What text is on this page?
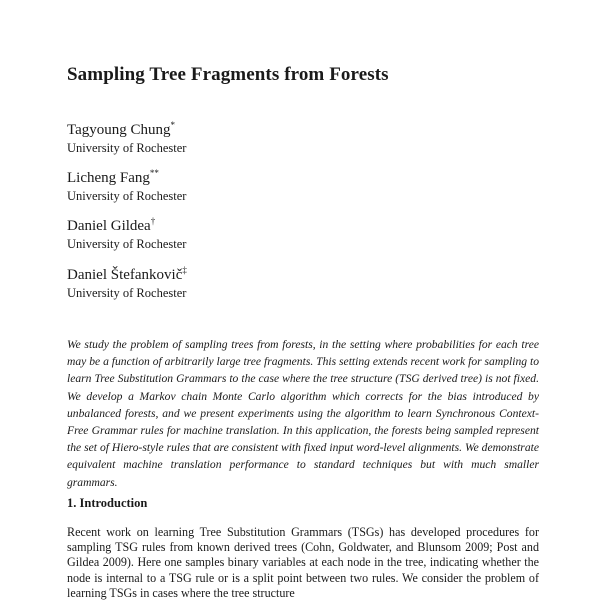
Sampling Tree Fragments from Forests
Tagyoung Chung*
University of Rochester
Licheng Fang**
University of Rochester
Daniel Gildea†
University of Rochester
Daniel Štefankovič‡
University of Rochester

We study the problem of sampling trees from forests, in the setting where probabilities for each tree may be a function of arbitrarily large tree fragments. This setting extends recent work for sampling to learn Tree Substitution Grammars to the case where the tree structure (TSG derived tree) is not fixed. We develop a Markov chain Monte Carlo algorithm which corrects for the bias introduced by unbalanced forests, and we present experiments using the algorithm to learn Synchronous Context-Free Grammar rules for machine translation. In this application, the forests being sampled represent the set of Hiero-style rules that are consistent with fixed input word-level alignments. We demonstrate equivalent machine translation performance to standard techniques but with much smaller grammars.

1. Introduction

Recent work on learning Tree Substitution Grammars (TSGs) has developed procedures for sampling TSG rules from known derived trees (Cohn, Goldwater, and Blunsom 2009; Post and Gildea 2009). Here one samples binary variables at each node in the tree, indicating whether the node is internal to a TSG rule or is a split point between two rules. We consider the problem of learning TSGs in cases where the tree structure
